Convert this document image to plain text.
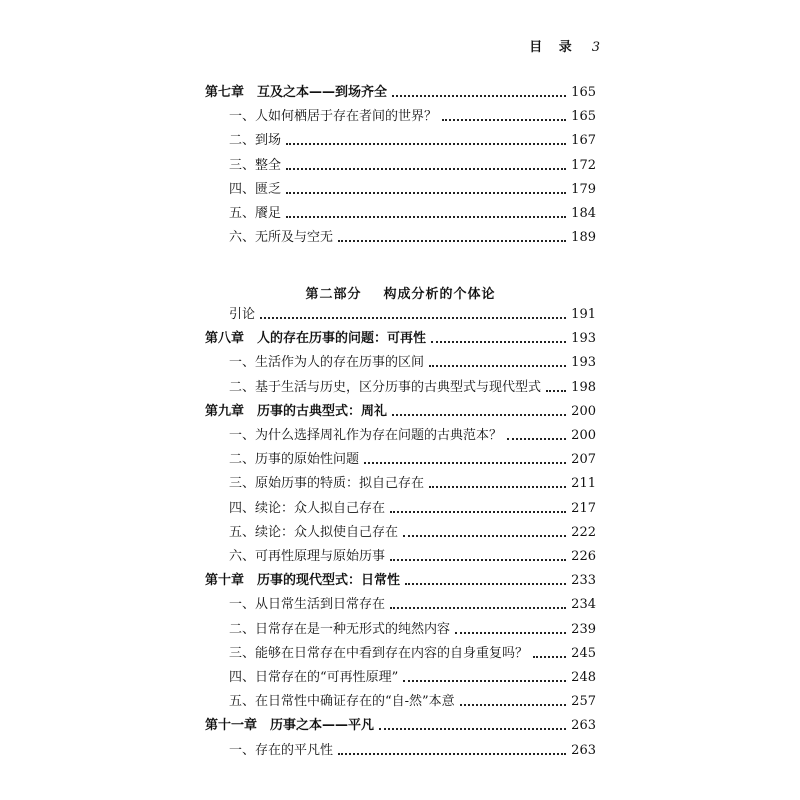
目 录 3
第二部分 构成分析的个体论
第七章　互及之本——到场齐全	165
一、人如何栖居于存在者间的世界？	165
二、到场	167
三、整全	172
四、匮乏	179
五、餍足	184
六、无所及与空无	189
引论	191
第八章　人的存在历事的问题：可再性	193
一、生活作为人的存在历事的区间	193
二、基于生活与历史，区分历事的古典型式与现代型式 198
第九章　历事的古典型式：周礼	200
一、为什么选择周礼作为存在问题的古典范本？	200
二、历事的原始性问题	207
三、原始历事的特质：拟自己存在	211
四、续论：众人拟自己存在	217
五、续论：众人拟使自己存在	222
六、可再性原理与原始历事	226
第十章　历事的现代型式：日常性	233
一、从日常生活到日常存在	234
二、日常存在是一种无形式的纯然内容	239
三、能够在日常存在中看到存在内容的自身重复吗？	245
四、日常存在的“可再性原理”	248
五、在日常性中确证存在的“自-然”本意	257
第十一章　历事之本——平凡	263
一、存在的平凡性	263
